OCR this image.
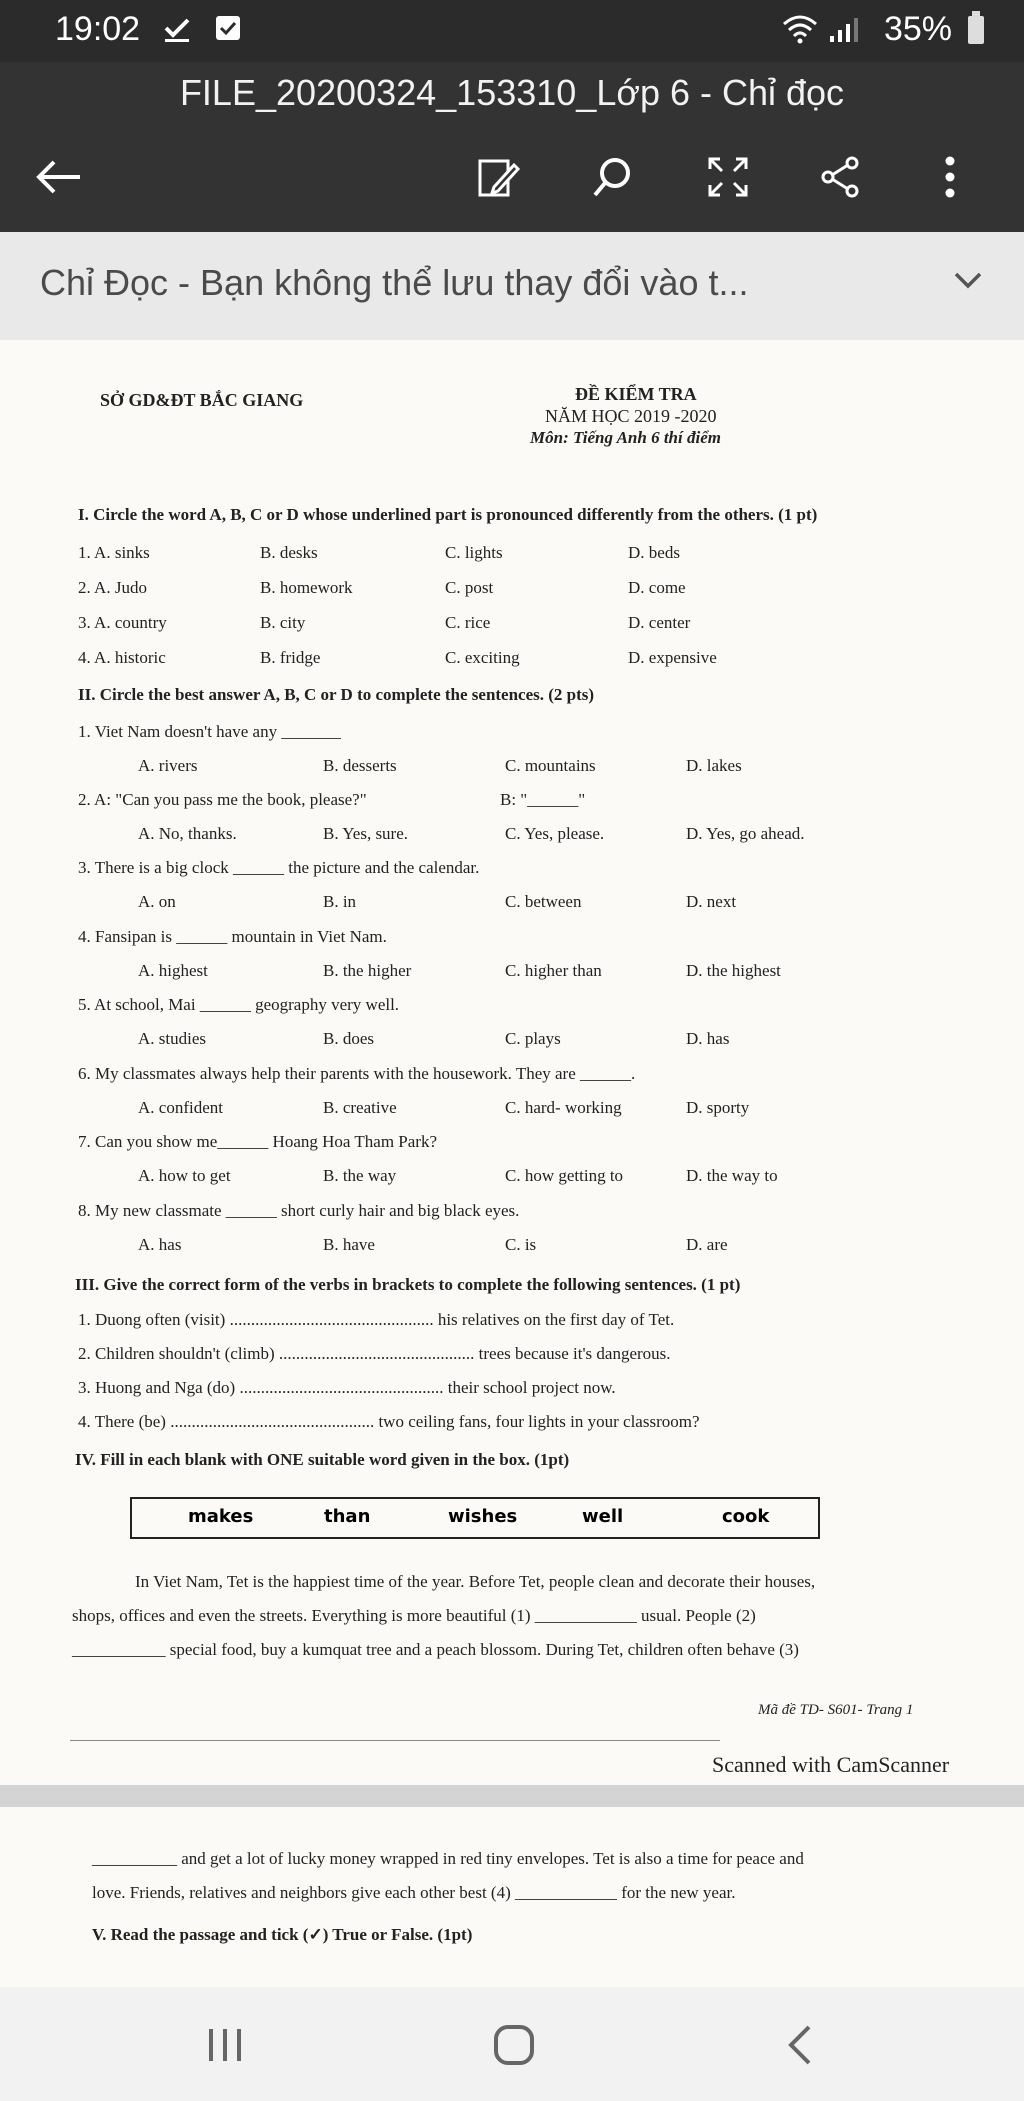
19:02	35%
FILE_20200324_153310_Lớp 6 - Chỉ đọc
Chỉ Đọc - Bạn không thể lưu thay đổi vào t...
SỞ GD&ĐT BẮC GIANG	ĐỀ KIỂM TRA
NĂM HỌC 2019 -2020
Môn: Tiếng Anh 6 thí điểm
I. Circle the word A, B, C or D whose underlined part is pronounced differently from the others. (1 pt)
1. A. sinks	B. desks	C. lights	D. beds
2. A. Judo	B. homework	C. post	D. come
3. A. country	B. city	C. rice	D. center
4. A. historic	B. fridge	C. exciting	D. expensive
II. Circle the best answer A, B, C or D to complete the sentences. (2 pts)
1. Viet Nam doesn't have any _______
A. rivers	B. desserts	C. mountains	D. lakes
2. A: "Can you pass me the book, please?"	B: "______"
A. No, thanks.	B. Yes, sure.	C. Yes, please.	D. Yes, go ahead.
3. There is a big clock ______ the picture and the calendar.
A. on	B. in	C. between	D. next
4. Fansipan is ______ mountain in Viet Nam.
A. highest	B. the higher	C. higher than	D. the highest
5. At school, Mai ______ geography very well.
A. studies	B. does	C. plays	D. has
6. My classmates always help their parents with the housework. They are ______.
A. confident	B. creative	C. hard- working	D. sporty
7. Can you show me______ Hoang Hoa Tham Park?
A. how to get	B. the way	C. how getting to	D. the way to
8. My new classmate ______ short curly hair and big black eyes.
A. has	B. have	C. is	D. are
III. Give the correct form of the verbs in brackets to complete the following sentences. (1 pt)
1. Duong often (visit) ................................................ his relatives on the first day of Tet.
2. Children shouldn't (climb) .............................................. trees because it's dangerous.
3. Huong and Nga (do) ................................................ their school project now.
4. There (be) ................................................ two ceiling fans, four lights in your classroom?
IV. Fill in each blank with ONE suitable word given in the box. (1pt)
In Viet Nam, Tet is the happiest time of the year. Before Tet, people clean and decorate their houses,
shops, offices and even the streets. Everything is more beautiful (1) ____________ usual. People (2)
___________ special food, buy a kumquat tree and a peach blossom. During Tet, children often behave (3)
Mã đề TD- S601- Trang 1
Scanned with CamScanner
makes	than	wishes	well	cook
__________ and get a lot of lucky money wrapped in red tiny envelopes. Tet is also a time for peace and
love. Friends, relatives and neighbors give each other best (4) ____________ for the new year.
V. Read the passage and tick (✓) True or False. (1pt)
